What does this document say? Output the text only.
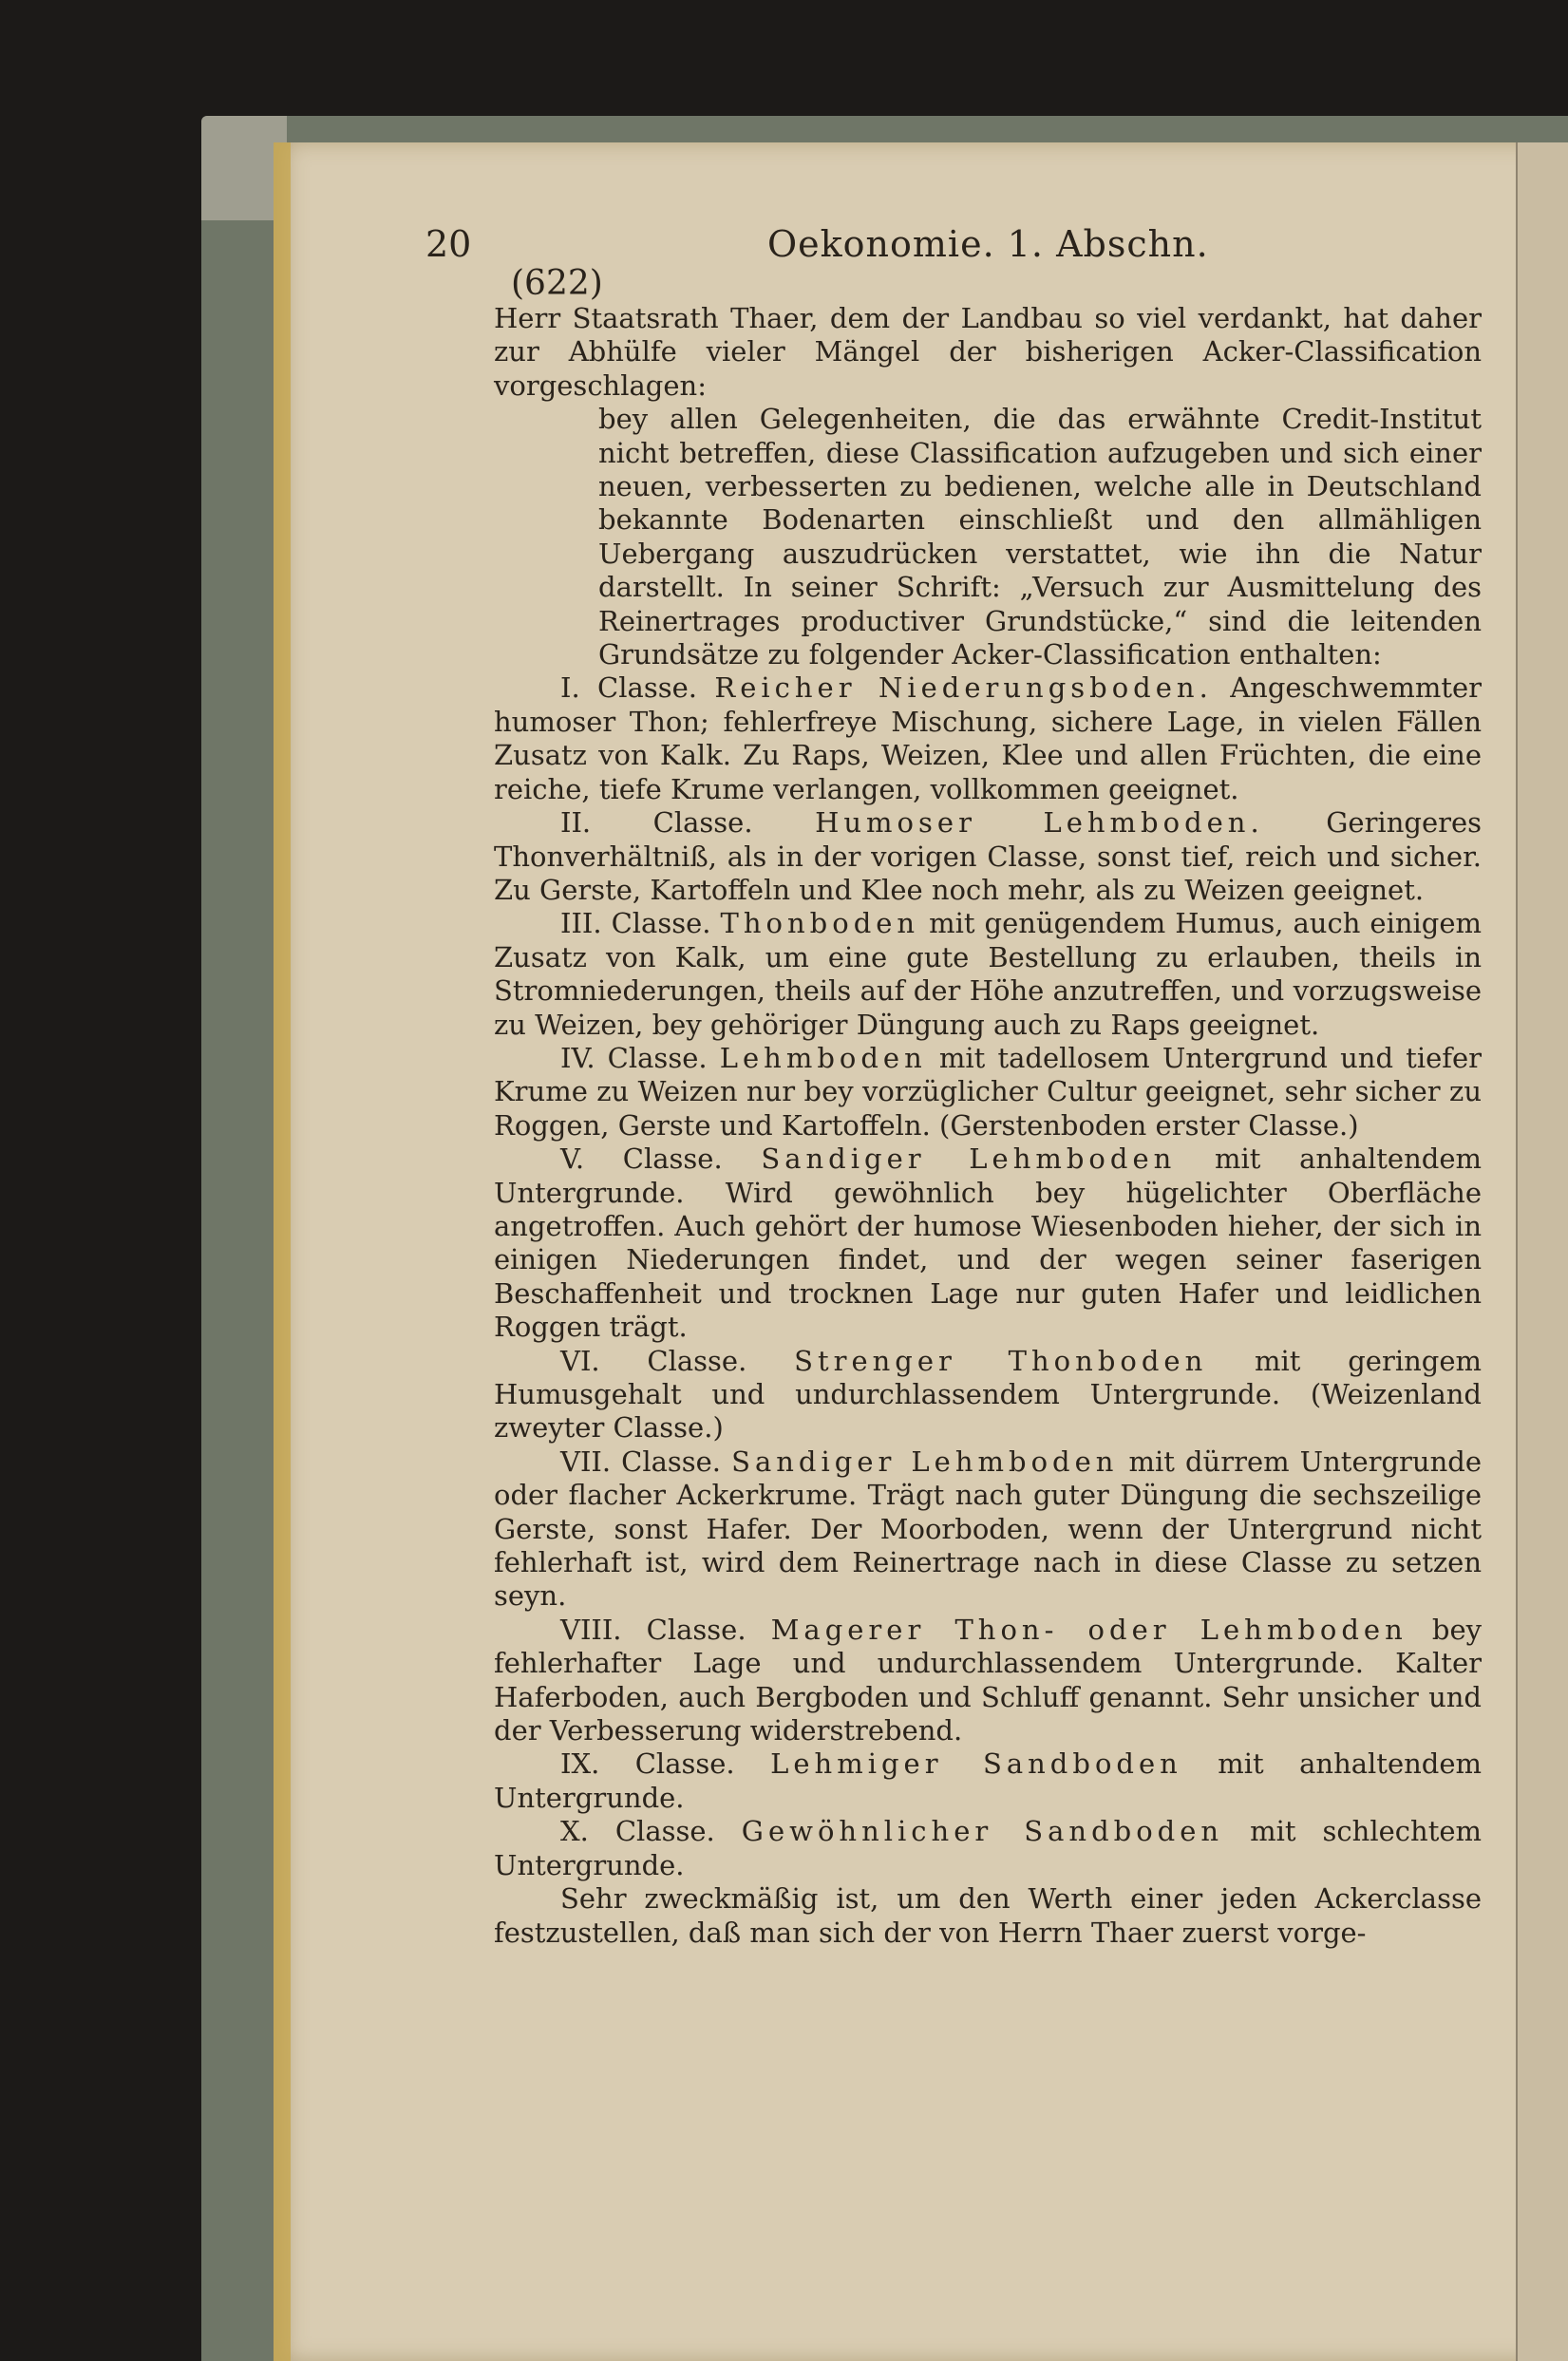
20	Oekonomie. 1. Abschn.
(622)

Herr Staatsrath Thaer, dem der Landbau so viel verdankt, hat daher zur Abhülfe vieler Mängel der bisherigen Acker-Classification vorgeschlagen:

bey allen Gelegenheiten, die das erwähnte Credit-Institut nicht betreffen, diese Classification aufzugeben und sich einer neuen, verbesserten zu bedienen, welche alle in Deutschland bekannte Bodenarten einschließt und den allmähligen Uebergang auszudrücken verstattet, wie ihn die Natur darstellt. In seiner Schrift: „Versuch zur Ausmittelung des Reinertrages productiver Grundstücke,“ sind die leitenden Grundsätze zu folgender Acker-Classification enthalten:

I. Classe. Reicher Niederungsboden. Angeschwemmter humoser Thon; fehlerfreye Mischung, sichere Lage, in vielen Fällen Zusatz von Kalk. Zu Raps, Weizen, Klee und allen Früchten, die eine reiche, tiefe Krume verlangen, vollkommen geeignet.

II. Classe. Humoser Lehmboden. Geringeres Thonverhältniß, als in der vorigen Classe, sonst tief, reich und sicher. Zu Gerste, Kartoffeln und Klee noch mehr, als zu Weizen geeignet.

III. Classe. Thonboden mit genügendem Humus, auch einigem Zusatz von Kalk, um eine gute Bestellung zu erlauben, theils in Stromniederungen, theils auf der Höhe anzutreffen, und vorzugsweise zu Weizen, bey gehöriger Düngung auch zu Raps geeignet.

IV. Classe. Lehmboden mit tadellosem Untergrund und tiefer Krume zu Weizen nur bey vorzüglicher Cultur geeignet, sehr sicher zu Roggen, Gerste und Kartoffeln. (Gerstenboden erster Classe.)

V. Classe. Sandiger Lehmboden mit anhaltendem Untergrunde. Wird gewöhnlich bey hügelichter Oberfläche angetroffen. Auch gehört der humose Wiesenboden hieher, der sich in einigen Niederungen findet, und der wegen seiner faserigen Beschaffenheit und trocknen Lage nur guten Hafer und leidlichen Roggen trägt.

VI. Classe. Strenger Thonboden mit geringem Humusgehalt und undurchlassendem Untergrunde. (Weizenland zweyter Classe.)

VII. Classe. Sandiger Lehmboden mit dürrem Untergrunde oder flacher Ackerkrume. Trägt nach guter Düngung die sechszeilige Gerste, sonst Hafer. Der Moorboden, wenn der Untergrund nicht fehlerhaft ist, wird dem Reinertrage nach in diese Classe zu setzen seyn.

VIII. Classe. Magerer Thon- oder Lehmboden bey fehlerhafter Lage und undurchlassendem Untergrunde. Kalter Haferboden, auch Bergboden und Schluff genannt. Sehr unsicher und der Verbesserung widerstrebend.

IX. Classe. Lehmiger Sandboden mit anhaltendem Untergrunde.

X. Classe. Gewöhnlicher Sandboden mit schlechtem Untergrunde.

Sehr zweckmäßig ist, um den Werth einer jeden Ackerclasse festzustellen, daß man sich der von Herrn Thaer zuerst vorge-
